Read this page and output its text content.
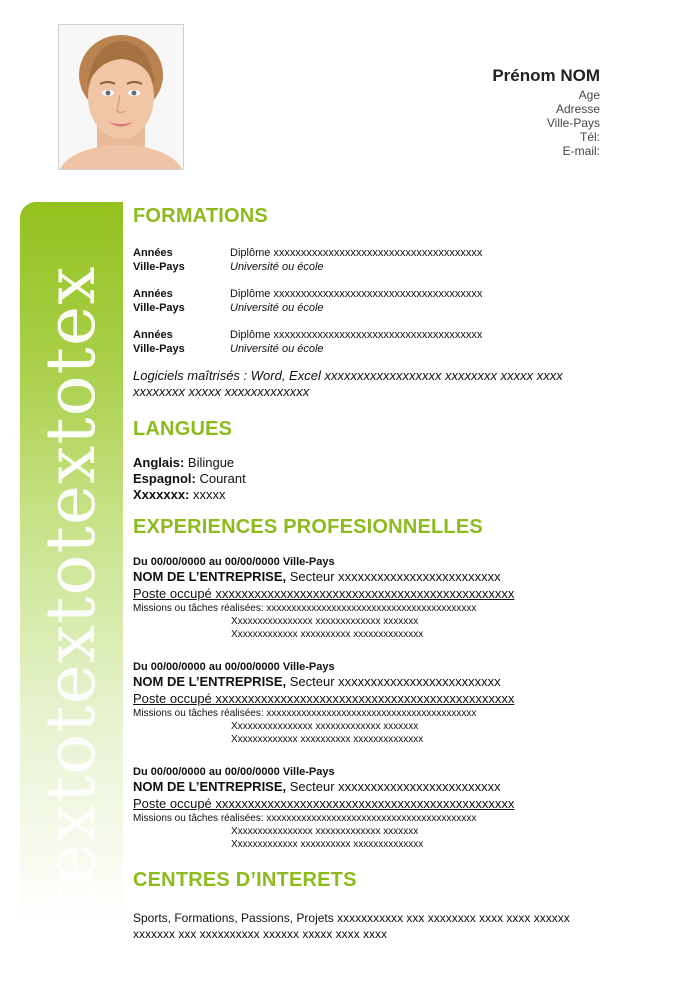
Prénom NOM
Age
Adresse
Ville-Pays
Tél:
E-mail:
textotextotextotex
FORMATIONS
Années	Diplôme xxxxxxxxxxxxxxxxxxxxxxxxxxxxxxxxxxxxxx
Ville-Pays	Université ou école
Années	Diplôme xxxxxxxxxxxxxxxxxxxxxxxxxxxxxxxxxxxxxx
Ville-Pays	Université ou école
Années	Diplôme xxxxxxxxxxxxxxxxxxxxxxxxxxxxxxxxxxxxxx
Ville-Pays	Université ou école
Logiciels maîtrisés : Word, Excel xxxxxxxxxxxxxxxxxx xxxxxxxx xxxxx xxxx xxxxxxxx xxxxx xxxxxxxxxxxxx
LANGUES
Anglais: Bilingue
Espagnol: Courant
Xxxxxxx: xxxxx
EXPERIENCES PROFESIONNELLES
Du 00/00/0000 au 00/00/0000 Ville-Pays
NOM DE L’ENTREPRISE, Secteur xxxxxxxxxxxxxxxxxxxxxxxxx
Poste occupé xxxxxxxxxxxxxxxxxxxxxxxxxxxxxxxxxxxxxxxxxxxxxx
Missions ou tâches réalisées: xxxxxxxxxxxxxxxxxxxxxxxxxxxxxxxxxxxxxxxxxx
Xxxxxxxxxxxxxxxx xxxxxxxxxxxxx xxxxxxx
Xxxxxxxxxxxxx xxxxxxxxxx xxxxxxxxxxxxxx
Du 00/00/0000 au 00/00/0000 Ville-Pays
NOM DE L’ENTREPRISE, Secteur xxxxxxxxxxxxxxxxxxxxxxxxx
Poste occupé xxxxxxxxxxxxxxxxxxxxxxxxxxxxxxxxxxxxxxxxxxxxxx
Missions ou tâches réalisées: xxxxxxxxxxxxxxxxxxxxxxxxxxxxxxxxxxxxxxxxxx
Xxxxxxxxxxxxxxxx xxxxxxxxxxxxx xxxxxxx
Xxxxxxxxxxxxx xxxxxxxxxx xxxxxxxxxxxxxx
Du 00/00/0000 au 00/00/0000 Ville-Pays
NOM DE L’ENTREPRISE, Secteur xxxxxxxxxxxxxxxxxxxxxxxxx
Poste occupé xxxxxxxxxxxxxxxxxxxxxxxxxxxxxxxxxxxxxxxxxxxxxx
Missions ou tâches réalisées: xxxxxxxxxxxxxxxxxxxxxxxxxxxxxxxxxxxxxxxxxx
Xxxxxxxxxxxxxxxx xxxxxxxxxxxxx xxxxxxx
Xxxxxxxxxxxxx xxxxxxxxxx xxxxxxxxxxxxxx
CENTRES D’INTERETS
Sports, Formations, Passions, Projets xxxxxxxxxxx xxx xxxxxxxx xxxx xxxx xxxxxx xxxxxxx xxx xxxxxxxxxx xxxxxx xxxxx xxxx xxxx
